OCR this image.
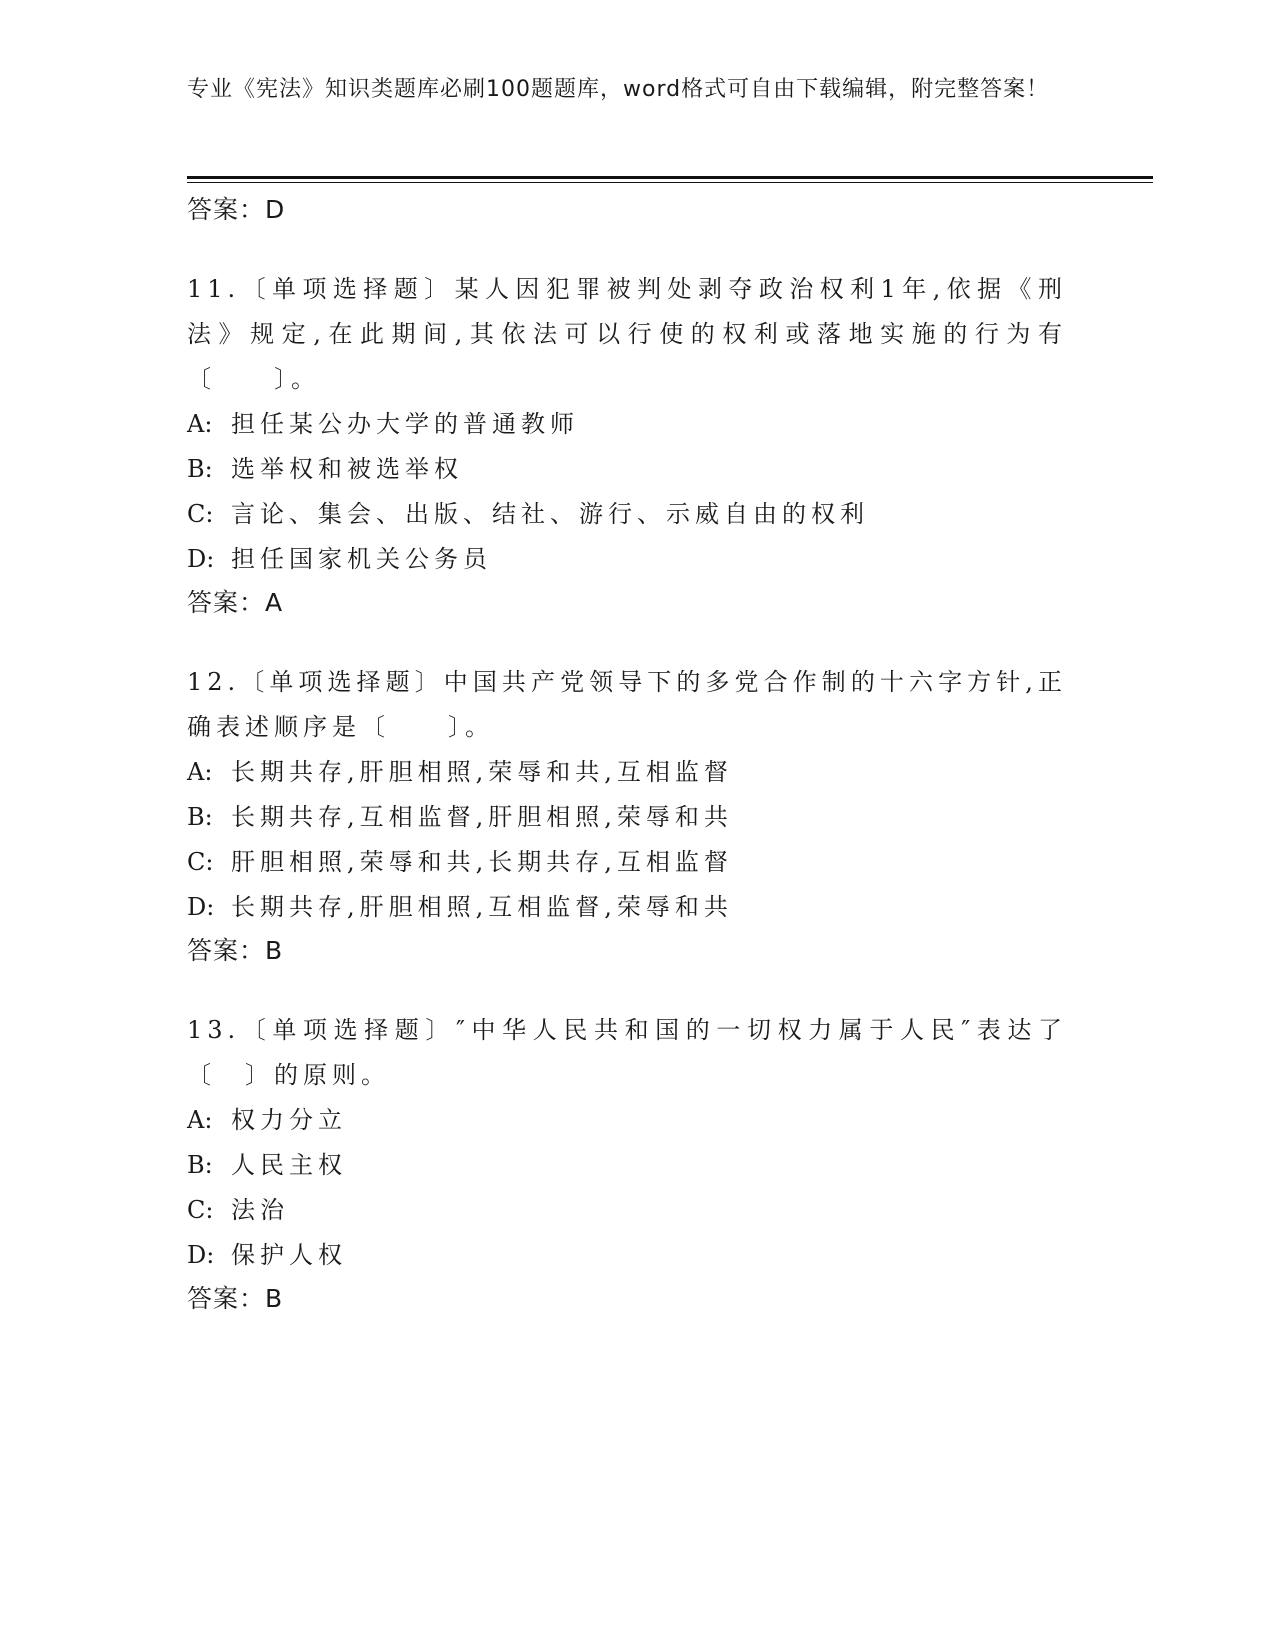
专业《宪法》知识类题库必刷100题题库，word格式可自由下载编辑，附完整答案！
答案：D

11.〔单项选择题〕某人因犯罪被判处剥夺政治权利1年,依据《刑法》规定,在此期间,其依法可以行使的权利或落地实施的行为有〔　　〕。

A: 担任某公办大学的普通教师

B: 选举权和被选举权

C: 言论、集会、出版、结社、游行、示威自由的权利

D: 担任国家机关公务员

答案：A

12.〔单项选择题〕中国共产党领导下的多党合作制的十六字方针,正确表述顺序是〔　　〕。

A: 长期共存,肝胆相照,荣辱和共,互相监督

B: 长期共存,互相监督,肝胆相照,荣辱和共

C: 肝胆相照,荣辱和共,长期共存,互相监督

D: 长期共存,肝胆相照,互相监督,荣辱和共

答案：B

13.〔单项选择题〕″中华人民共和国的一切权力属于人民″表达了〔　〕的原则。

A: 权力分立

B: 人民主权

C: 法治

D: 保护人权

答案：B
